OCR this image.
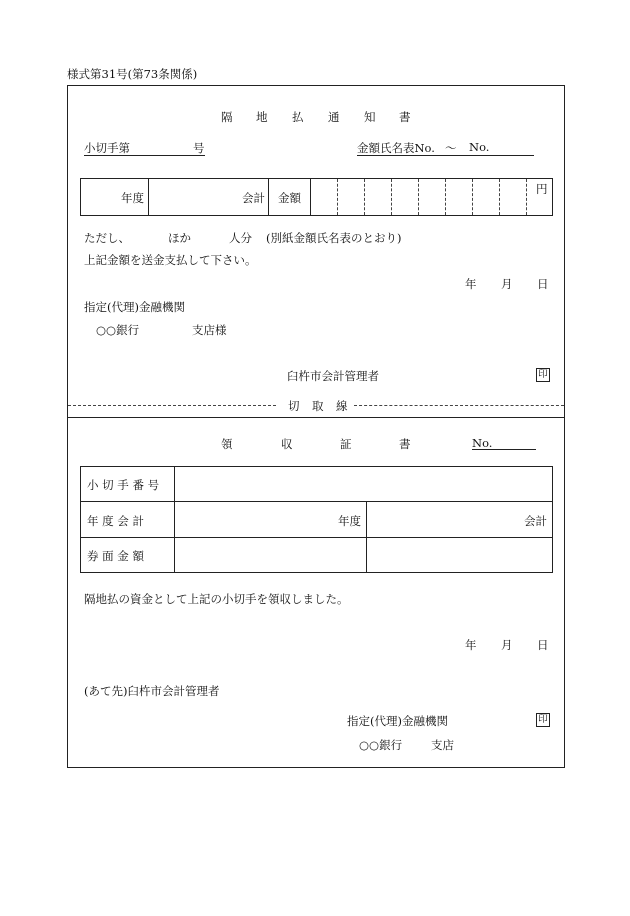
様式第31号(第73条関係)
隔 地 払 通 知 書
小切手第	号	金額氏名表No. 〜 No.
年度	会計 金額
円
ただし、	ほか	人分 (別紙金額氏名表のとおり)
上記金額を送金支払して下さい。
年 月 日
指定(代理)金融機関
○○銀行	支店様
臼杵市会計管理者	印
切 取 線
領	収	証	書	No.
小 切 手 番 号
年 度 会 計	年度	会計
券 面 金 額
隔地払の資金として上記の小切手を領収しました。
年 月 日
(あて先)臼杵市会計管理者
指定(代理)金融機関	印
○○銀行	支店
